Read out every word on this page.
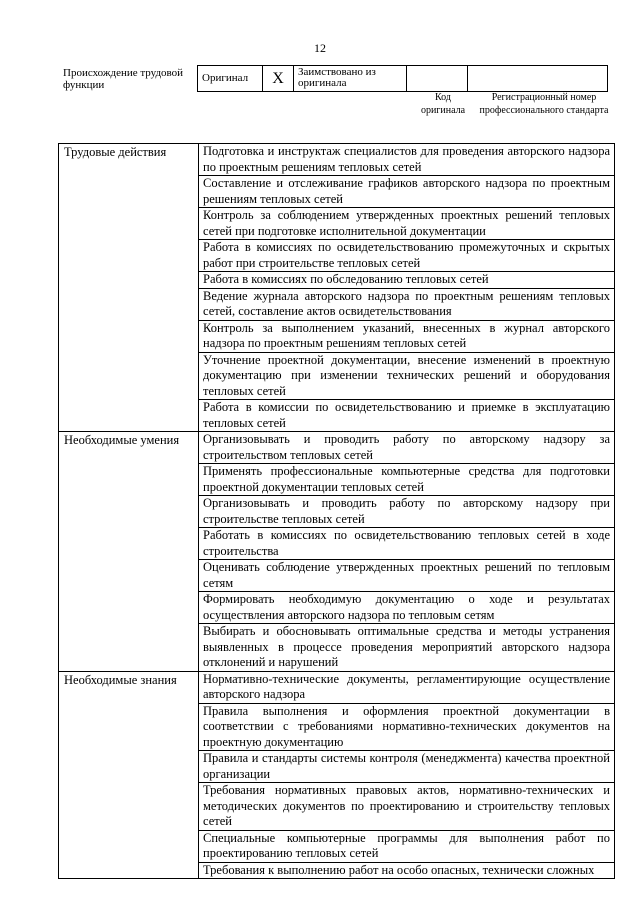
12
Происхождение трудовой функции
Оригинал	X	Заимствовано из оригинала		
Код оригинала
Регистрационный номер профессионального стандарта
Трудовые действия	Подготовка и инструктаж специалистов для проведения авторского надзора по проектным решениям тепловых сетей
	Составление и отслеживание графиков авторского надзора по проектным решениям тепловых сетей
	Контроль за соблюдением утвержденных проектных решений тепловых сетей при подготовке исполнительной документации
	Работа в комиссиях по освидетельствованию промежуточных и скрытых работ при строительстве тепловых сетей
	Работа в комиссиях по обследованию тепловых сетей
	Ведение журнала авторского надзора по проектным решениям тепловых сетей, составление актов освидетельствования
	Контроль за выполнением указаний, внесенных в журнал авторского надзора по проектным решениям тепловых сетей
	Уточнение проектной документации, внесение изменений в проектную документацию при изменении технических решений и оборудования тепловых сетей
	Работа в комиссии по освидетельствованию и приемке в эксплуатацию тепловых сетей
Необходимые умения	Организовывать и проводить работу по авторскому надзору за строительством тепловых сетей
	Применять профессиональные компьютерные средства для подготовки проектной документации тепловых сетей
	Организовывать и проводить работу по авторскому надзору при строительстве тепловых сетей
	Работать в комиссиях по освидетельствованию тепловых сетей в ходе строительства
	Оценивать соблюдение утвержденных проектных решений по тепловым сетям
	Формировать необходимую документацию о ходе и результатах осуществления авторского надзора по тепловым сетям
	Выбирать и обосновывать оптимальные средства и методы устранения выявленных в процессе проведения мероприятий авторского надзора отклонений и нарушений
Необходимые знания	Нормативно-технические документы, регламентирующие осуществление авторского надзора
	Правила выполнения и оформления проектной документации в соответствии с требованиями нормативно-технических документов на проектную документацию
	Правила и стандарты системы контроля (менеджмента) качества проектной организации
	Требования нормативных правовых актов, нормативно-технических и методических документов по проектированию и строительству тепловых сетей
	Специальные компьютерные программы для выполнения работ по проектированию тепловых сетей
	Требования к выполнению работ на особо опасных, технически сложных
